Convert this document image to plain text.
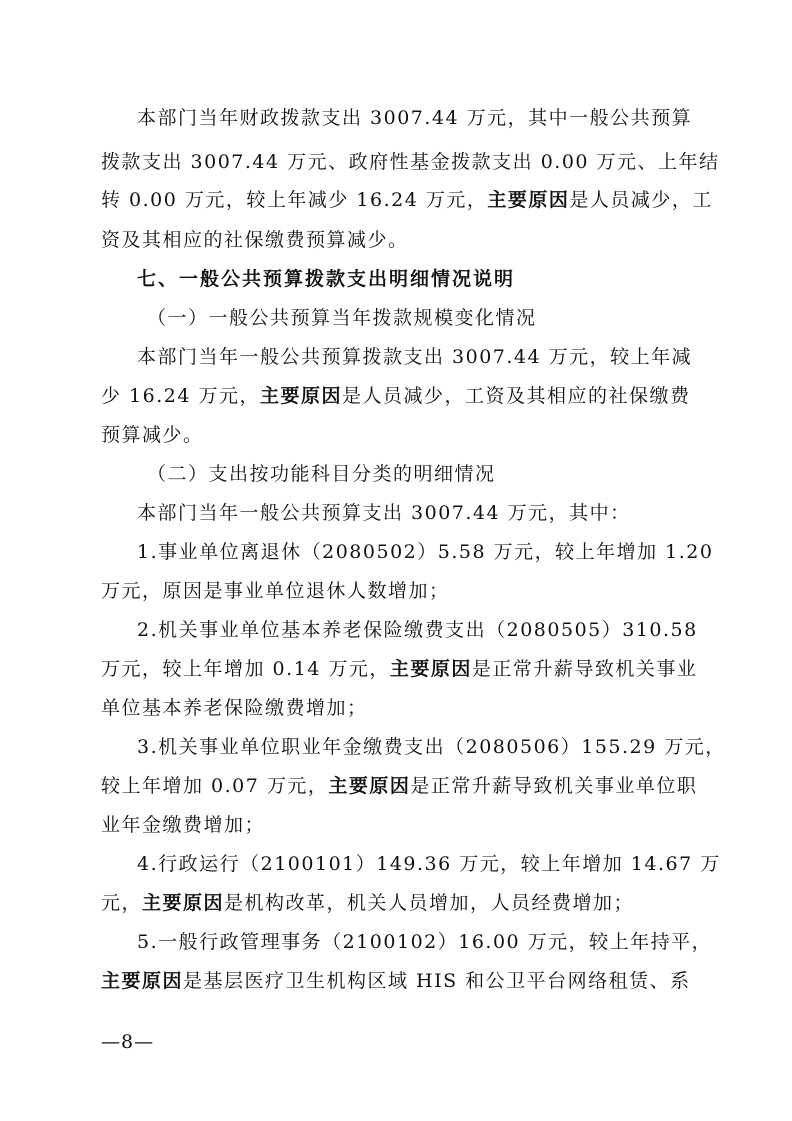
本部门当年财政拨款支出 3007.44 万元，其中一般公共预算
拨款支出 3007.44 万元、政府性基金拨款支出 0.00 万元、上年结
转 0.00 万元，较上年减少 16.24 万元，主要原因是人员减少，工
资及其相应的社保缴费预算减少。
七、一般公共预算拨款支出明细情况说明
（一）一般公共预算当年拨款规模变化情况
本部门当年一般公共预算拨款支出 3007.44 万元，较上年减
少 16.24 万元，主要原因是人员减少，工资及其相应的社保缴费
预算减少。
（二）支出按功能科目分类的明细情况
本部门当年一般公共预算支出 3007.44 万元，其中：
1.事业单位离退休（2080502）5.58 万元，较上年增加 1.20
万元，原因是事业单位退休人数增加；
2.机关事业单位基本养老保险缴费支出（2080505）310.58
万元，较上年增加 0.14 万元，主要原因是正常升薪导致机关事业
单位基本养老保险缴费增加；
3.机关事业单位职业年金缴费支出（2080506）155.29 万元，
较上年增加 0.07 万元，主要原因是正常升薪导致机关事业单位职
业年金缴费增加；
4.行政运行（2100101）149.36 万元，较上年增加 14.67 万
元，主要原因是机构改革，机关人员增加，人员经费增加；
5.一般行政管理事务（2100102）16.00 万元，较上年持平，
主要原因是基层医疗卫生机构区域 HIS 和公卫平台网络租赁、系
—8—
